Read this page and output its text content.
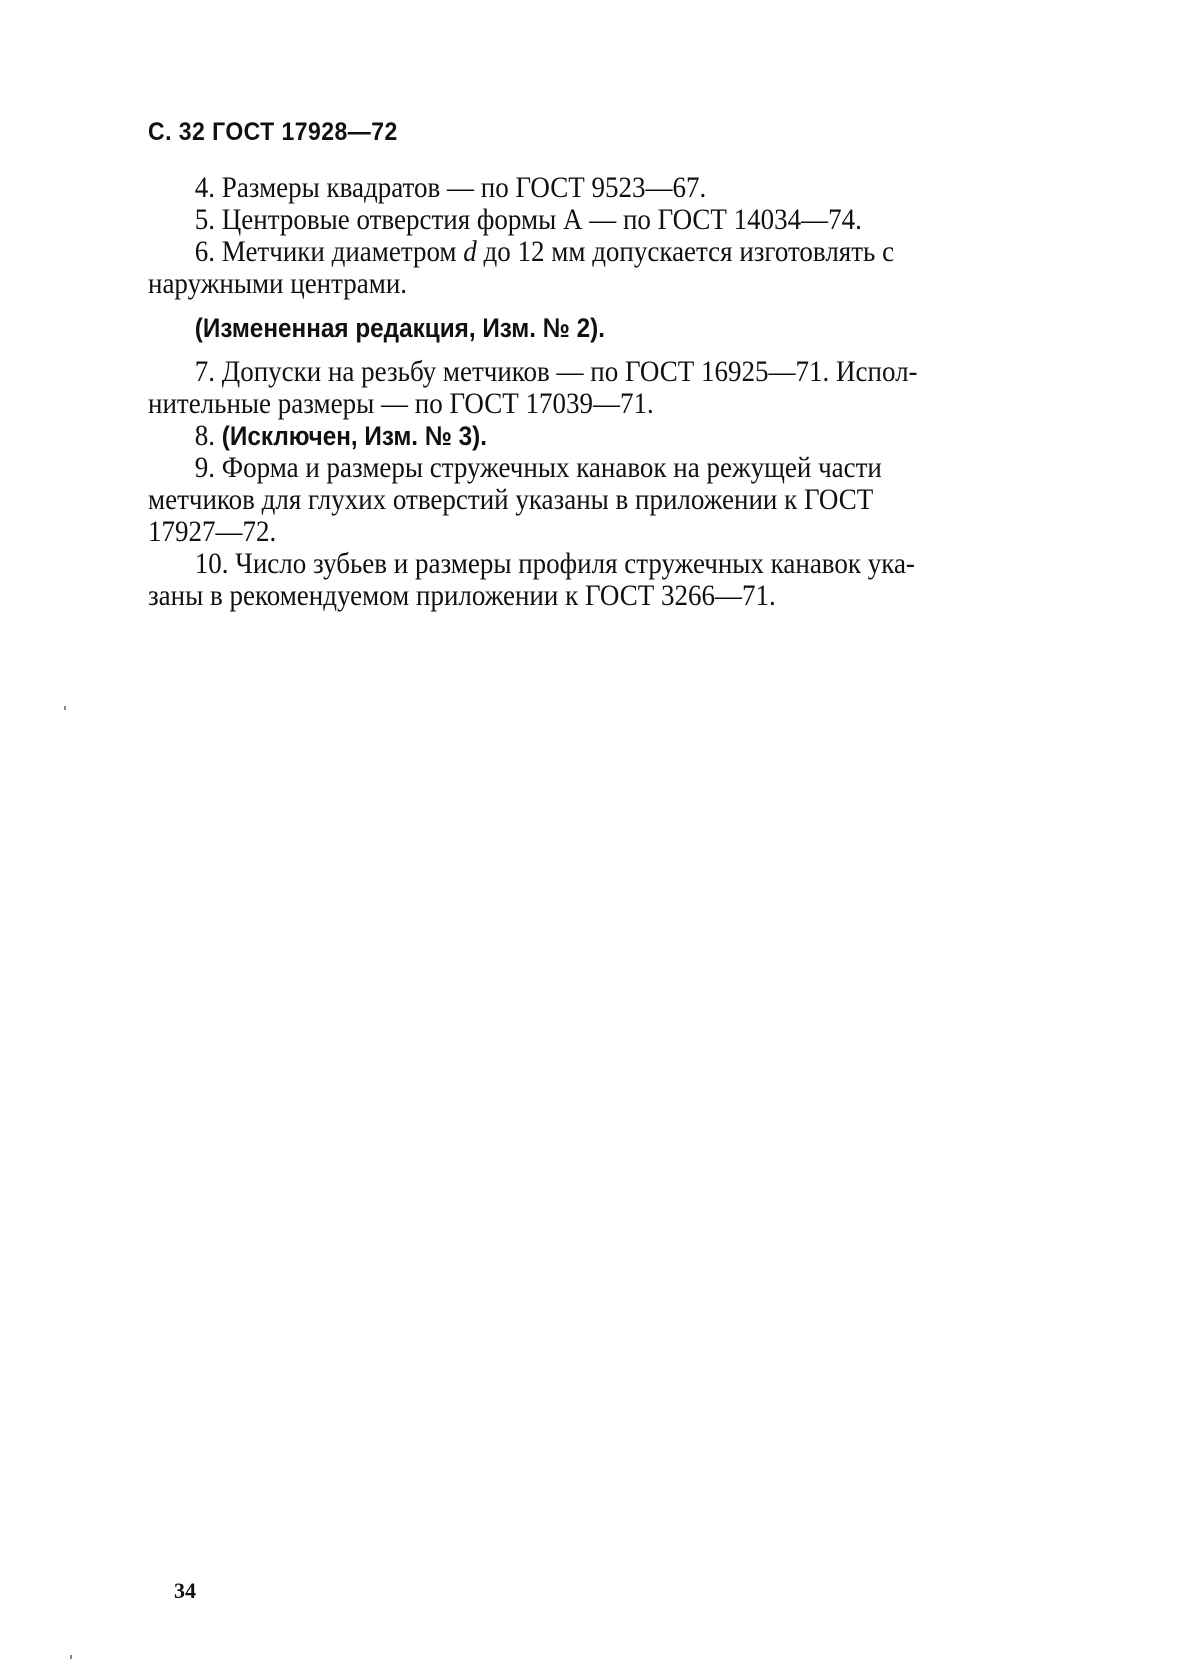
С. 32 ГОСТ 17928—72
4. Размеры квадратов — по ГОСТ 9523—67.
5. Центровые отверстия формы А — по ГОСТ 14034—74.
6. Метчики диаметром d до 12 мм допускается изготовлять с
наружными центрами.
(Измененная редакция, Изм. № 2).
7. Допуски на резьбу метчиков — по ГОСТ 16925—71. Испол-
нительные размеры — по ГОСТ 17039—71.
8. (Исключен, Изм. № 3).
9. Форма и размеры стружечных канавок на режущей части
метчиков для глухих отверстий указаны в приложении к ГОСТ
17927—72.
10. Число зубьев и размеры профиля стружечных канавок ука-
заны в рекомендуемом приложении к ГОСТ 3266—71.
34
